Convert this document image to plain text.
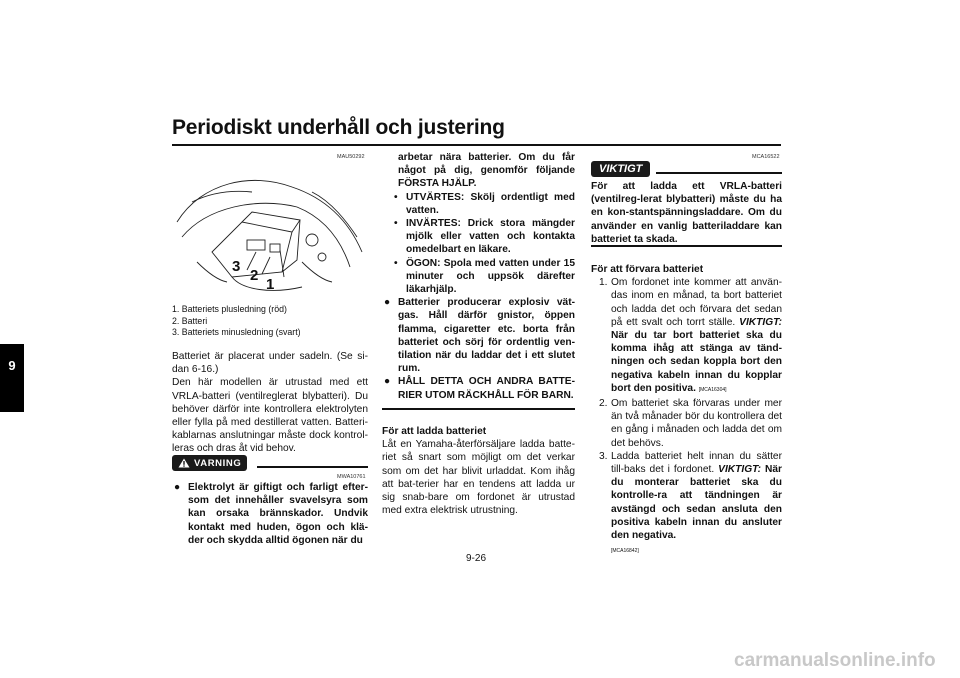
Periodiskt underhåll och justering
9
MAU50292
3
2
1
1. Batteriets plusledning (röd)
2. Batteri
3. Batteriets minusledning (svart)

Batteriet är placerat under sadeln. (Se si-dan 6-16.)

Den här modellen är utrustad med ett VRLA-batteri (ventilreglerat blybatteri). Du behöver därför inte kontrollera elektrolyten eller fylla på med destillerat vatten. Batteri-kablarnas anslutningar måste dock kontrol-leras och dras åt vid behov.

VARNING
MWA10761
● Elektrolyt är giftigt och farligt efter-som det innehåller svavelsyra som kan orsaka brännskador. Undvik kontakt med huden, ögon och klä-der och skydda alltid ögonen när du
arbetar nära batterier. Om du får något på dig, genomför följande FÖRSTA HJÄLP.
• UTVÄRTES: Skölj ordentligt med vatten.
• INVÄRTES: Drick stora mängder mjölk eller vatten och kontakta omedelbart en läkare.
• ÖGON: Spola med vatten under 15 minuter och uppsök därefter läkarhjälp.
● Batterier producerar explosiv vät-gas. Håll därför gnistor, öppen flamma, cigaretter etc. borta från batteriet och sörj för ordentlig ven-tilation när du laddar det i ett slutet rum.
● HÅLL DETTA OCH ANDRA BATTE-RIER UTOM RÄCKHÅLL FÖR BARN.

För att ladda batteriet

Låt en Yamaha-återförsäljare ladda batte-riet så snart som möjligt om det verkar som om det har blivit urladdat. Kom ihåg att bat-terier har en tendens att ladda ur sig snab-bare om fordonet är utrustad med extra elektrisk utrustning.

VIKTIGT
MCA16522
För att ladda ett VRLA-batteri (ventilreg-lerat blybatteri) måste du ha en kon-stantspänningsladdare. Om du använder en vanlig batteriladdare kan batteriet ta skada.

För att förvara batteriet

1. Om fordonet inte kommer att använ-das inom en månad, ta bort batteriet och ladda det och förvara det sedan på ett svalt och torrt ställe. VIKTIGT: När du tar bort batteriet ska du komma ihåg att stänga av tänd-ningen och sedan koppla bort den negativa kabeln innan du kopplar bort den positiva. [MCA16304]
2. Om batteriet ska förvaras under mer än två månader bör du kontrollera det en gång i månaden och ladda det om det behövs.
3. Ladda batteriet helt innan du sätter till-baks det i fordonet. VIKTIGT: När du monterar batteriet ska du kontrolle-ra att tändningen är avstängd och sedan ansluta den positiva kabeln innan du ansluter den negativa.
[MCA16842]
9-26
carmanualsonline.info
